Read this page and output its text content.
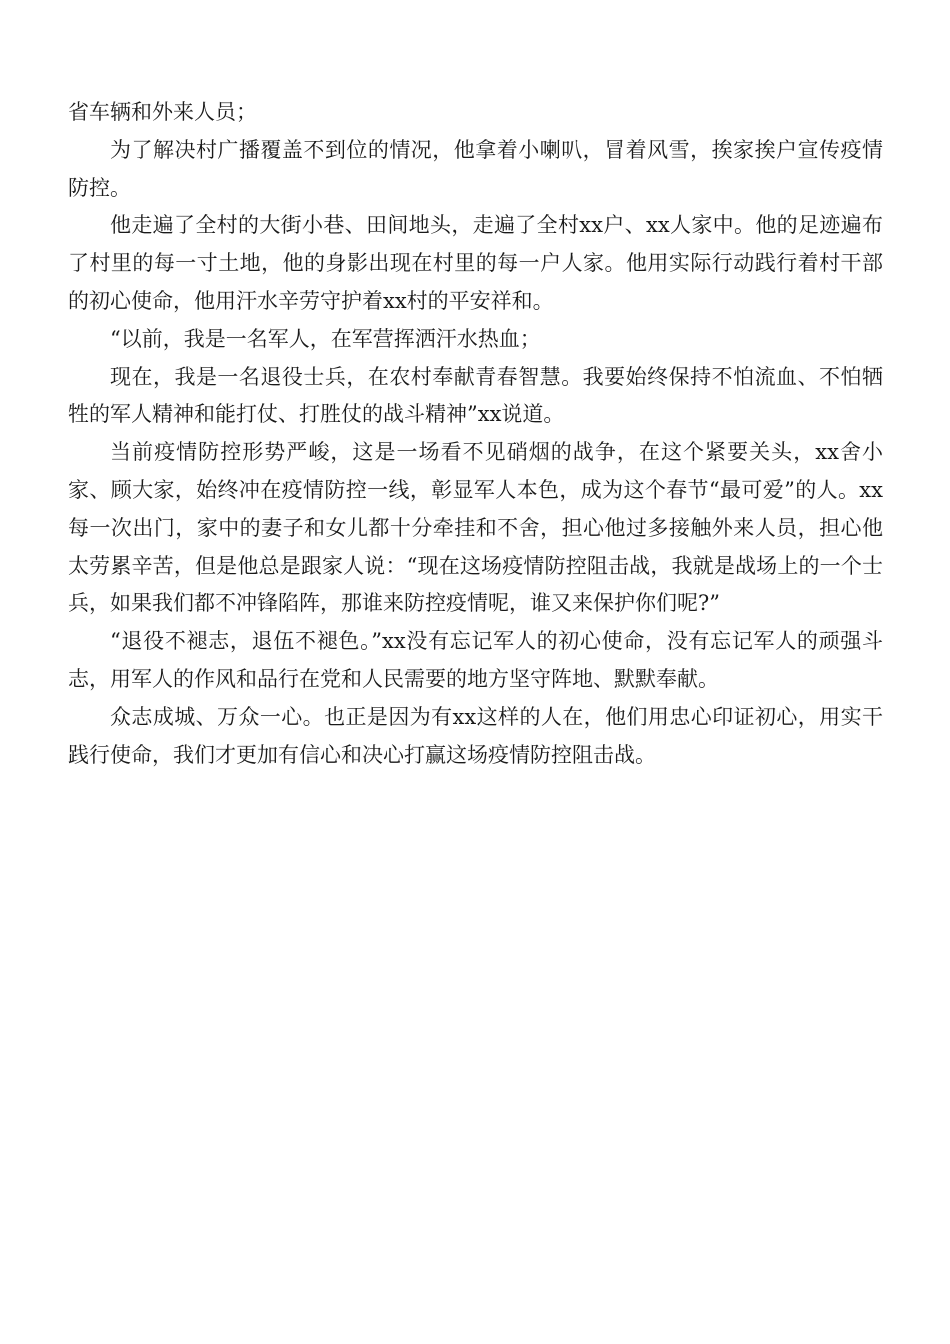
省车辆和外来人员；

为了解决村广播覆盖不到位的情况，他拿着小喇叭，冒着风雪，挨家挨户宣传疫情防控。

他走遍了全村的大街小巷、田间地头，走遍了全村xx户、xx人家中。他的足迹遍布了村里的每一寸土地，他的身影出现在村里的每一户人家。他用实际行动践行着村干部的初心使命，他用汗水辛劳守护着xx村的平安祥和。

“以前，我是一名军人，在军营挥洒汗水热血；

现在，我是一名退役士兵，在农村奉献青春智慧。我要始终保持不怕流血、不怕牺牲的军人精神和能打仗、打胜仗的战斗精神”xx说道。

当前疫情防控形势严峻，这是一场看不见硝烟的战争，在这个紧要关头，xx舍小家、顾大家，始终冲在疫情防控一线，彰显军人本色，成为这个春节“最可爱”的人。xx每一次出门，家中的妻子和女儿都十分牵挂和不舍，担心他过多接触外来人员，担心他太劳累辛苦，但是他总是跟家人说：“现在这场疫情防控阻击战，我就是战场上的一个士兵，如果我们都不冲锋陷阵，那谁来防控疫情呢，谁又来保护你们呢?”

“退役不褪志，退伍不褪色。”xx没有忘记军人的初心使命，没有忘记军人的顽强斗志，用军人的作风和品行在党和人民需要的地方坚守阵地、默默奉献。

众志成城、万众一心。也正是因为有xx这样的人在，他们用忠心印证初心，用实干践行使命，我们才更加有信心和决心打赢这场疫情防控阻击战。
